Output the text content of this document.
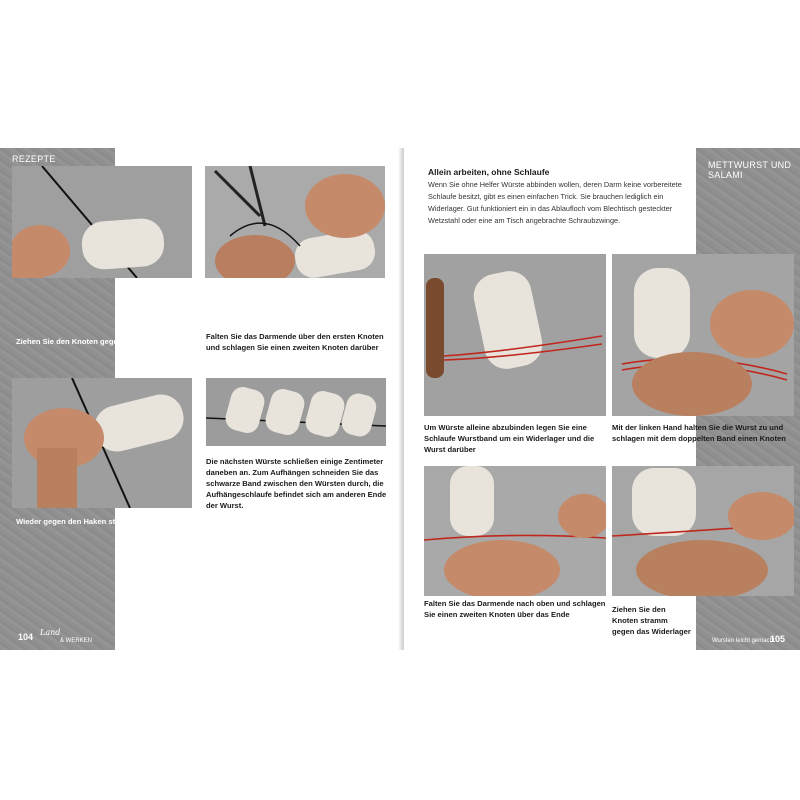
REZEPTE
Ziehen Sie den Knoten gegen den Haken stramm
Falten Sie das Darmende über den ersten Knoten und schlagen Sie einen zweiten Knoten darüber
Wieder gegen den Haken strammziehen
Die nächsten Würste schließen einige Zentimeter daneben an. Zum Aufhängen schneiden Sie das schwarze Band zwischen den Würsten durch, die Aufhängeschlaufe befindet sich am anderen Ende der Wurst.
104 Land
& WERKEN
METTWURST UND SALAMI
Allein arbeiten, ohne Schlaufe
Wenn Sie ohne Helfer Würste abbinden wollen, deren Darm keine vorbereitete Schlaufe besitzt, gibt es einen einfachen Trick. Sie brauchen lediglich ein Widerlager. Gut funktioniert ein in das Ablaufloch vom Blechtisch gesteckter Wetzstahl oder eine am Tisch angebrachte Schraubzwinge.
Um Würste alleine abzubinden legen Sie eine Schlaufe Wurstband um ein Widerlager und die Wurst darüber
Mit der linken Hand halten Sie die Wurst zu und schlagen mit dem doppelten Band einen Knoten
Falten Sie das Darmende nach oben und schlagen Sie einen zweiten Knoten über das Ende
Ziehen Sie den Knoten stramm gegen das Widerlager
Wursten leicht gemacht
105
